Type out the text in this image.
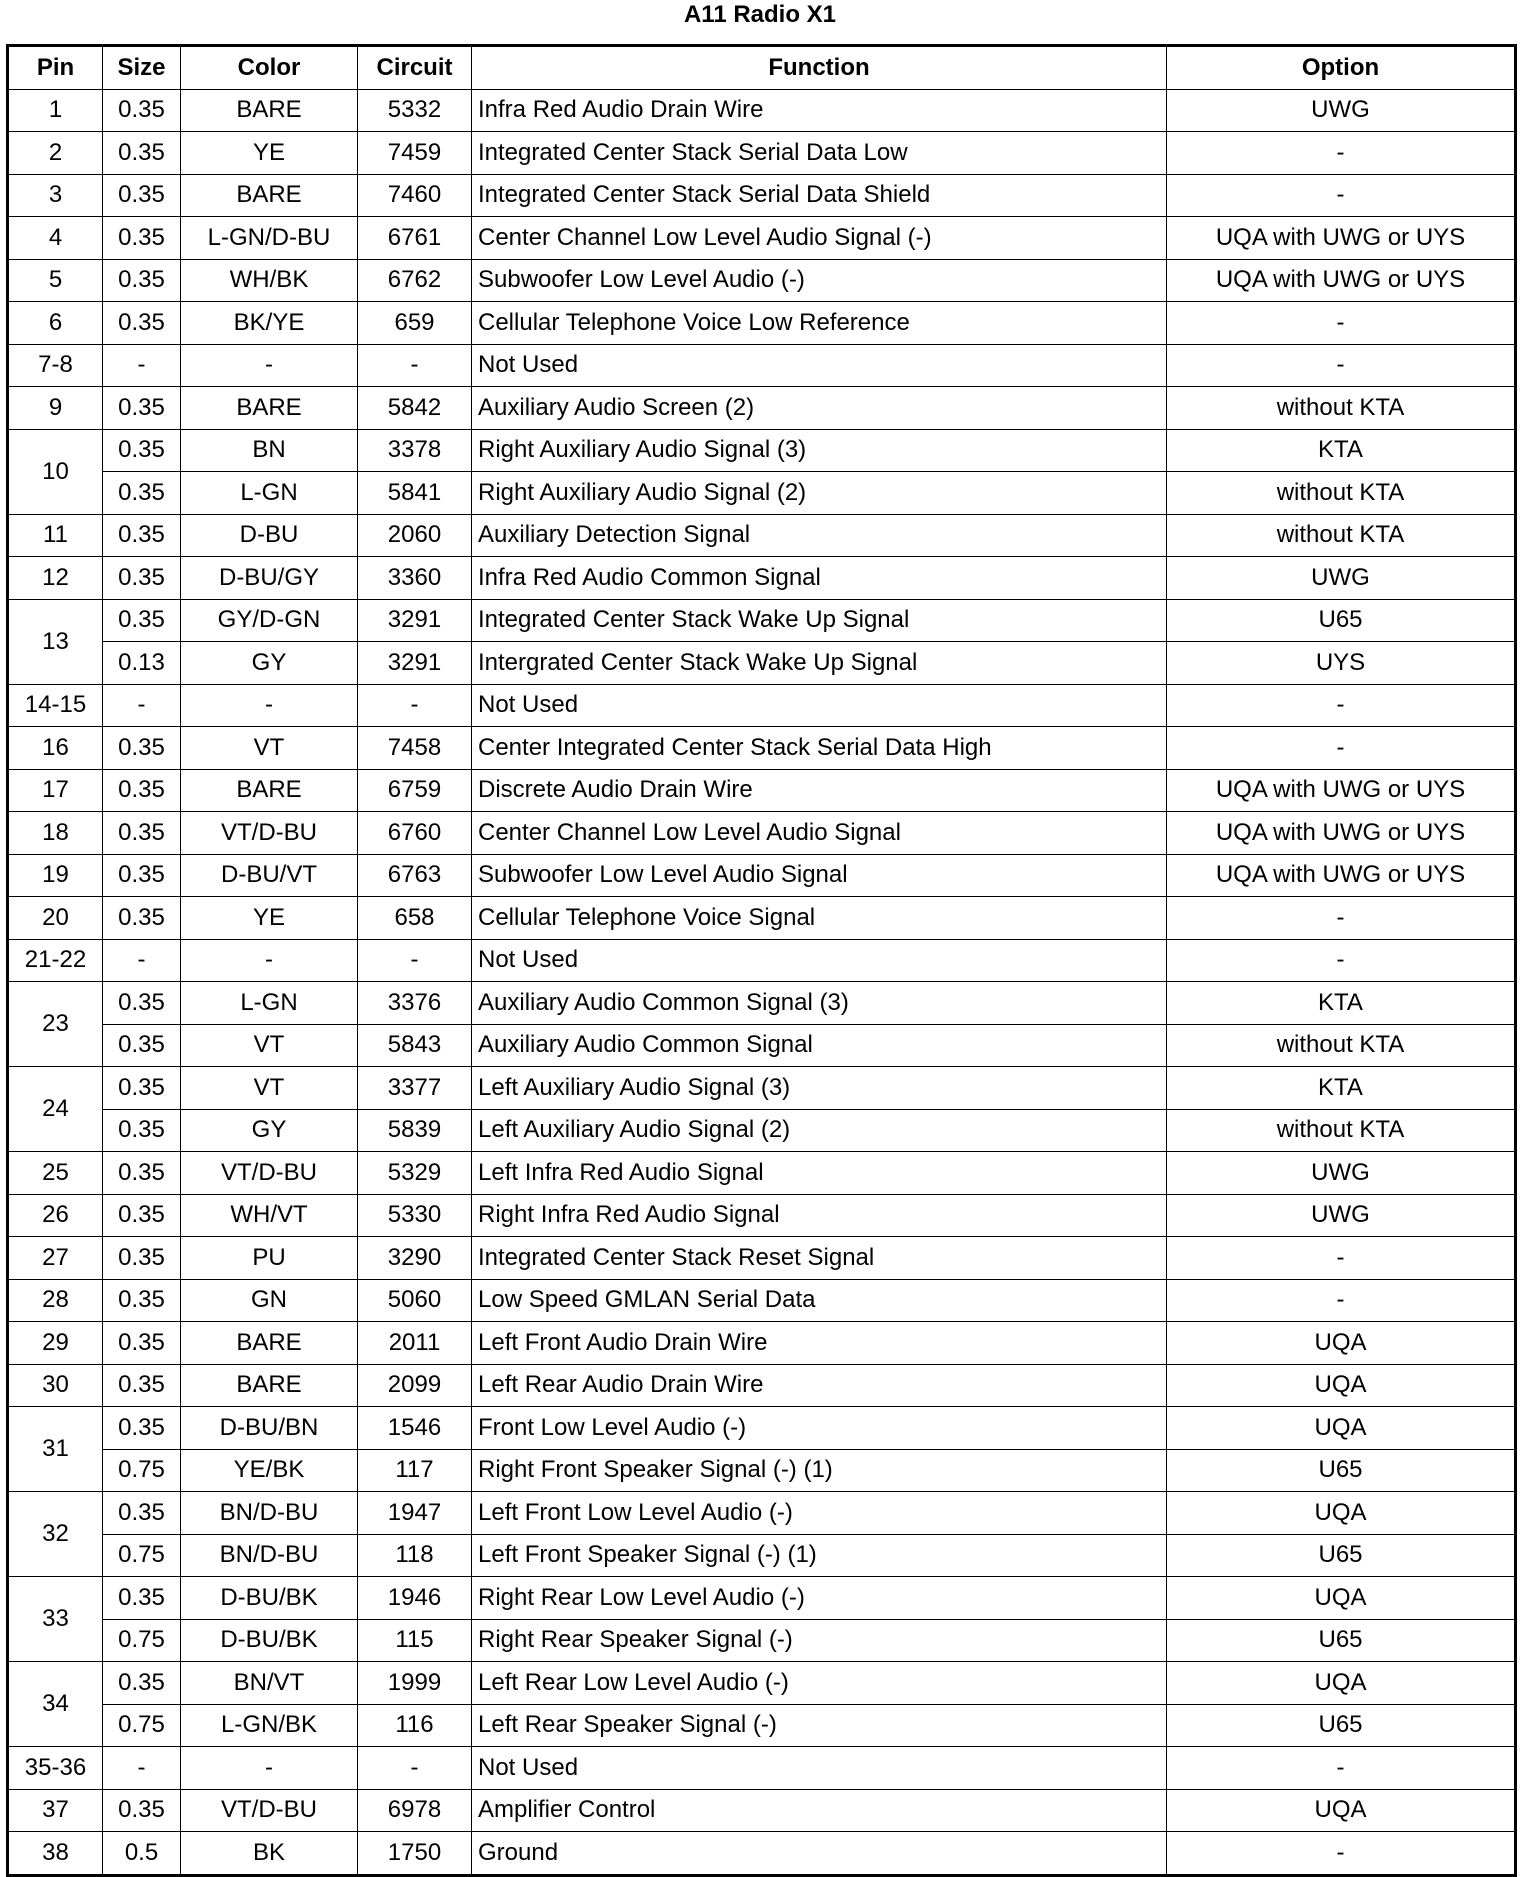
A11 Radio X1
Pin	Size	Color	Circuit	Function	Option
1	0.35	BARE	5332	Infra Red Audio Drain Wire	UWG
2	0.35	YE	7459	Integrated Center Stack Serial Data Low	-
3	0.35	BARE	7460	Integrated Center Stack Serial Data Shield	-
4	0.35	L-GN/D-BU	6761	Center Channel Low Level Audio Signal (-)	UQA with UWG or UYS
5	0.35	WH/BK	6762	Subwoofer Low Level Audio (-)	UQA with UWG or UYS
6	0.35	BK/YE	659	Cellular Telephone Voice Low Reference	-
7-8	-	-	-	Not Used	-
9	0.35	BARE	5842	Auxiliary Audio Screen (2)	without KTA
10	0.35	BN	3378	Right Auxiliary Audio Signal (3)	KTA
	0.35	L-GN	5841	Right Auxiliary Audio Signal (2)	without KTA
11	0.35	D-BU	2060	Auxiliary Detection Signal	without KTA
12	0.35	D-BU/GY	3360	Infra Red Audio Common Signal	UWG
13	0.35	GY/D-GN	3291	Integrated Center Stack Wake Up Signal	U65
	0.13	GY	3291	Intergrated Center Stack Wake Up Signal	UYS
14-15	-	-	-	Not Used	-
16	0.35	VT	7458	Center Integrated Center Stack Serial Data High	-
17	0.35	BARE	6759	Discrete Audio Drain Wire	UQA with UWG or UYS
18	0.35	VT/D-BU	6760	Center Channel Low Level Audio Signal	UQA with UWG or UYS
19	0.35	D-BU/VT	6763	Subwoofer Low Level Audio Signal	UQA with UWG or UYS
20	0.35	YE	658	Cellular Telephone Voice Signal	-
21-22	-	-	-	Not Used	-
23	0.35	L-GN	3376	Auxiliary Audio Common Signal (3)	KTA
	0.35	VT	5843	Auxiliary Audio Common Signal	without KTA
24	0.35	VT	3377	Left Auxiliary Audio Signal (3)	KTA
	0.35	GY	5839	Left Auxiliary Audio Signal (2)	without KTA
25	0.35	VT/D-BU	5329	Left Infra Red Audio Signal	UWG
26	0.35	WH/VT	5330	Right Infra Red Audio Signal	UWG
27	0.35	PU	3290	Integrated Center Stack Reset Signal	-
28	0.35	GN	5060	Low Speed GMLAN Serial Data	-
29	0.35	BARE	2011	Left Front Audio Drain Wire	UQA
30	0.35	BARE	2099	Left Rear Audio Drain Wire	UQA
31	0.35	D-BU/BN	1546	Front Low Level Audio (-)	UQA
	0.75	YE/BK	117	Right Front Speaker Signal (-) (1)	U65
32	0.35	BN/D-BU	1947	Left Front Low Level Audio (-)	UQA
	0.75	BN/D-BU	118	Left Front Speaker Signal (-) (1)	U65
33	0.35	D-BU/BK	1946	Right Rear Low Level Audio (-)	UQA
	0.75	D-BU/BK	115	Right Rear Speaker Signal (-)	U65
34	0.35	BN/VT	1999	Left Rear Low Level Audio (-)	UQA
	0.75	L-GN/BK	116	Left Rear Speaker Signal (-)	U65
35-36	-	-	-	Not Used	-
37	0.35	VT/D-BU	6978	Amplifier Control	UQA
38	0.5	BK	1750	Ground	-
